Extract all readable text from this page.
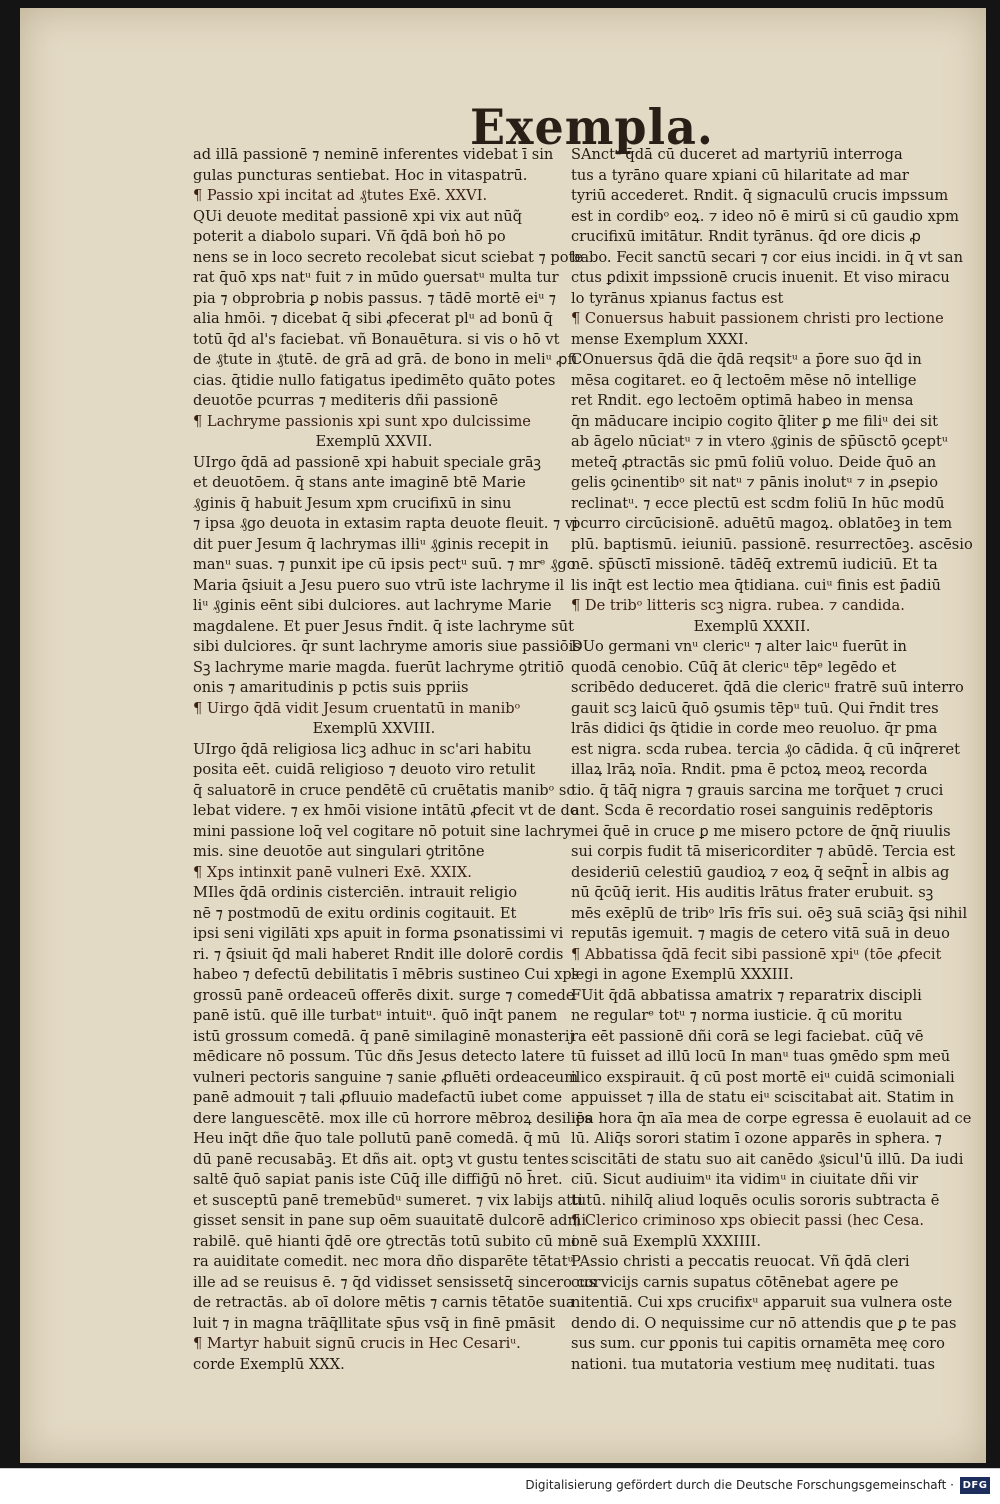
Exempla.
ad illā passionē ⁊ neminē inferentes videbat ī sin
gulas puncturas sentiebat. Hoc in vitaspatrū.
¶ Passio xpi incitat ad ₰tutes Exē. XXVI.
QUi deuote meditaṫ passionē xpi vix aut nūq̃
poterit a diabolo supari. Vñ q̄dā boṅ hō po
nens se in loco secreto recolebat sicut sciebat ⁊ pote
rat q̄uō xps natᵘ fuit ⁊ in mūdo ꝯuersatᵘ multa tur
pia ⁊ obprobria ꝑ nobis passus. ⁊ tādē mortē eiᵘ ⁊
alia hmōi. ⁊ dicebat q̄ sibi ꝓfecerat plᵘ ad bonū q̄
totū q̄d al's faciebat. vñ Bonauētura. si vis o hō vt
de ₰tute in ₰tutē. de grā ad grā. de bono in meliᵘ ꝓfi
cias. q̄tidie nullo fatigatus ipedimēto quāto potes
deuotōe pcurras ⁊ mediteris dñi passionē
¶ Lachryme passionis xpi sunt xpo dulcissime
Exemplū XXVII.
UIrgo q̄dā ad passionē xpi habuit speciale grāꝫ
et deuotōem. q̄ stans ante imaginē btē Marie
₰ginis q̄ habuit Jesum xpm crucifixū in sinu
⁊ ipsa ₰go deuota in extasim rapta deuote fleuit. ⁊ vi
dit puer Jesum q̄ lachrymas illiᵘ ₰ginis recepit in
manᵘ suas. ⁊ punxit ipe cū ipsis pectᵘ suū. ⁊ mrᵉ ₰go
Maria q̄siuit a Jesu puero suo vtrū iste lachryme il
liᵘ ₰ginis eēnt sibi dulciores. aut lachryme Marie
magdalene. Et puer Jesus r̄ndit. q̄ iste lachryme sūt
sibi dulciores. q̄r sunt lachryme amoris siue passiōis
Sꝫ lachryme marie magda. fuerūt lachryme ꝯtritiō
onis ⁊ amaritudinis p pctis suis ppriis
¶ Uirgo q̄dā vidit Jesum cruentatū in manibᵒ
Exemplū XXVIII.
UIrgo q̄dā religiosa licꝫ adhuc in sc'ari habitu
posita eēt. cuidā religioso ⁊ deuoto viro retulit
q̄ saluatorē in cruce pendētē cū cruētatis manibᵒ so
lebat videre. ⁊ ex hmōi visione intātū ꝓfecit vt de do
mini passione loq̄ vel cogitare nō potuit sine lachry
mis. sine deuotōe aut singulari ꝯtritōne
¶ Xps intinxit panē vulneri Exē. XXIX.
MIles q̄dā ordinis cisterciēn. intrauit religio
nē ⁊ postmodū de exitu ordinis cogitauit. Et
ipsi seni vigilāti xps apuit in forma ꝑsonatissimi vi
ri. ⁊ q̄siuit q̄d mali haberet Rndit ille dolorē cordis
habeo ⁊ defectū debilitatis ī mēbris sustineo Cui xps
grossū panē ordeaceū offerēs dixit. surge ⁊ comede
panē istū. quē ille turbatᵘ intuitᵘ. q̄uō inq̄t panem
istū grossum comedā. q̄ panē similaginē monasterij
mēdicare nō possum. Tūc dñs Jesus detecto latere
vulneri pectoris sanguine ⁊ sanie ꝓfluēti ordeaceum
panē admouit ⁊ tali ꝓfluuio madefactū iubet come
dere languescētē. mox ille cū horrore mēbroꝝ desiliēs
Heu inq̄t dñe q̄uo tale pollutū panē comedā. q̄ mū
dū panē recusabāꝫ. Et dñs ait. optꝫ vt gustu tentes
saltē q̄uō sapiat panis iste Cūq̄ ille diffiḡū nō h̄ret.
et susceptū panē tremebūdᵘ sumeret. ⁊ vix labijs atti
gisset sensit in pane sup oēm suauitatē dulcorē admi
rabilē. quē hianti q̄dē ore ꝯtrectās totū subito cū mi
ra auiditate comedit. nec mora dño disparēte tētatᵘ
ille ad se reuisus ē. ⁊ q̄d vidisset sensissetq̄ sincero cor
de retractās. ab oī dolore mētis ⁊ carnis tētatōe sua
luit ⁊ in magna trāq̄llitate sp̄us vsq̄ in finē pmāsit
¶ Martyr habuit signū crucis in Hec Cesariᵘ.
corde Exemplū XXX.
SAnctᵘ q̄dā cū duceret ad martyriū interroga
tus a tyrāno quare xpiani cū hilaritate ad mar
tyriū accederet. Rndit. q̄ signaculū crucis impssum
est in cordibᵒ eoꝝ. ⁊ ideo nō ē mirū si cū gaudio xpm
crucifixū imitātur. Rndit tyrānus. q̄d ore dicis ꝓ
babo. Fecit sanctū secari ⁊ cor eius incidi. in q̄ vt san
ctus ꝑdixit impssionē crucis inuenit. Et viso miracu
lo tyrānus xpianus factus est
¶ Conuersus habuit passionem christi pro lectione
mense Exemplum XXXI.
COnuersus q̄dā die q̄dā reqsitᵘ a p̄ore suo q̄d in
mēsa cogitaret. eo q̄ lectoēm mēse nō intellige
ret Rndit. ego lectoēm optimā habeo in mensa
q̄n māducare incipio cogito q̄liter ꝑ me filiᵘ dei sit
ab āgelo nūciatᵘ ⁊ in vtero ₰ginis de sp̄ūsctō ꝯceptᵘ
meteq̄ ꝓtractās sic pmū foliū voluo. Deide q̄uō an
gelis ꝯcinentibᵒ sit natᵘ ⁊ pānis inolutᵘ ⁊ in ꝓsepio
reclinatᵘ. ⁊ ecce plectū est scdm foliū In hūc modū
pcurro circūcisionē. aduētū magoꝝ. oblatōeꝫ in tem
plū. baptismū. ieiuniū. passionē. resurrectōeꝫ. ascēsio
nē. sp̄ūsctī missionē. tādēq̄ extremū iudiciū. Et ta
lis inq̄t est lectio mea q̄tidiana. cuiᵘ finis est p̄adiū
¶ De tribᵒ litteris scꝫ nigra. rubea. ⁊ candida.
Exemplū XXXII.
DUo germani vnᵘ clericᵘ ⁊ alter laicᵘ fuerūt in
quodā cenobio. Cūq̄ āt clericᵘ tēpᵉ legēdo et
scribēdo deduceret. q̄dā die clericᵘ fratrē suū interro
gauit scꝫ laicū q̄uō ꝯsumis tēpᵘ tuū. Qui r̄ndit tres
lrās didici q̄s q̄tidie in corde meo reuoluo. q̄r pma
est nigra. scda rubea. tercia ₰o cādida. q̄ cū inq̄reret
illaꝝ lrāꝝ noīa. Rndit. pma ē pctoꝝ meoꝝ recorda
tio. q̄ tāq̄ nigra ⁊ grauis sarcina me torq̄uet ⁊ cruci
ant. Scda ē recordatio rosei sanguinis redēptoris
mei q̄uē in cruce ꝑ me misero pctore de q̄nq̄ riuulis
sui corpis fudit tā misericorditer ⁊ abūdē. Tercia est
desideriū celestiū gaudioꝝ ⁊ eoꝝ q̄ seq̄nt̄ in albis ag
nū q̄cūq̄ ierit. His auditis lrātus frater erubuit. sꝫ
mēs exēplū de tribᵒ lrīs frīs sui. oēꝫ suā sciāꝫ q̄si nihil
reputās igemuit. ⁊ magis de cetero vitā suā in deuo
¶ Abbatissa q̄dā fecit sibi passionē xpiᵘ (tōe ꝓfecit
legi in agone Exemplū XXXIII.
FUit q̄dā abbatissa amatrix ⁊ reparatrix discipli
ne regularᵉ totᵘ ⁊ norma iusticie. q̄ cū moritu
ra eēt passionē dñi corā se legi faciebat. cūq̄ vē
tū fuisset ad illū locū In manᵘ tuas ꝯmēdo spm meū
ilico exspirauit. q̄ cū post mortē eiᵘ cuidā scimoniali
appuisset ⁊ illa de statu eiᵘ sciscitabaṫ ait. Statim in
ipa hora q̄n aīa mea de corpe egressa ē euolauit ad ce
lū. Aliq̄s sorori statim ī ozone apparēs in sphera. ⁊
sciscitāti de statu suo ait canēdo ₰sicul'ū illū. Da iudi
ciū. Sicut audiuimᵘ ita vidimᵘ in ciuitate dñi vir
tutū. nihilq̄ aliud loquēs oculis sororis subtracta ē
¶ Clerico criminoso xps obiecit passi (hec Cesa.
onē suā Exemplū XXXIIII.
PAssio christi a peccatis reuocat. Vñ q̄dā cleri
cus vicijs carnis supatus cōtēnebat agere pe
nitentiā. Cui xps crucifixᵘ apparuit sua vulnera oste
dendo di. O nequissime cur nō attendis que ꝑ te pas
sus sum. cur ꝑponis tui capitis ornamēta meę coro
nationi. tua mutatoria vestium meę nuditati. tuas
Digitalisierung gefördert durch die Deutsche Forschungsgemeinschaft · DFG
